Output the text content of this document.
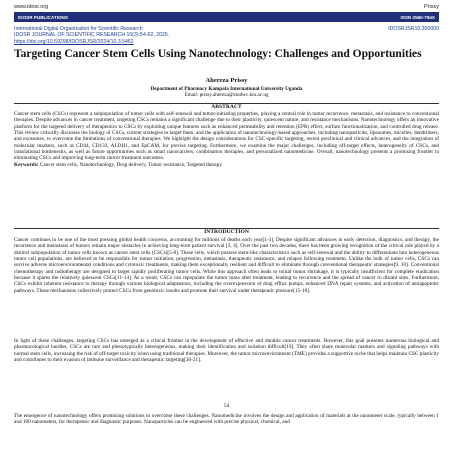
www.idosr.org	Prissy
IDOSR PUBLICATIONS	ISSN 2550-794X
International Digital Organization for Scientific Research
IDOSR JOURNAL OF SCIENTIFIC RESEARCH 10(3):54-62, 2025.
https://doi.org/10.59298/IDOSRJSR/2024/10.3.5462
IDOSRJSR10.300000
Targeting Cancer Stem Cells Using Nanotechnology: Challenges and Opportunities
Ahereza Prissy
Department of Pharmacy Kampala International University Uganda
Email: prissy.ahereza@studwc.kiu.ac.ug
ABSTRACT
Cancer stem cells (CSCs) represent a subpopulation of tumor cells with self-renewal and tumor-initiating properties, playing a central role in tumor recurrence, metastasis, and resistance to conventional therapies. Despite advances in cancer treatment, targeting CSCs remains a significant challenge due to their plasticity, quiescent nature, and resistance mechanisms. Nanotechnology offers an innovative platform for the targeted delivery of therapeutics to CSCs by exploiting unique features such as enhanced permeability and retention (EPR) effect, surface functionalization, and controlled drug release. This review critically discusses the biology of CSCs, current strategies to target them, and the application of nanotechnology-based approaches, including nanoparticles, liposomes, micelles, dendrimers, and exosomes, to overcome the limitations of conventional therapies. We highlight the design considerations for CSC-specific targeting, recent preclinical and clinical advances, and the integration of molecular markers, such as CD44, CD133, ALDH1, and EpCAM, for precise targeting. Furthermore, we examine the major challenges, including off-target effects, heterogeneity of CSCs, and translational bottlenecks, as well as future opportunities such as smart nanocarriers, combination therapies, and personalized nanomedicine. Overall, nanotechnology presents a promising frontier in eliminating CSCs and improving long-term cancer treatment outcomes.
Keywords: Cancer stem cells, Nanotechnology, Drug delivery, Tumor resistance, Targeted therapy
INTRODUCTION
Cancer continues to be one of the most pressing global health concerns, accounting for millions of deaths each year[1-3]. Despite significant advances in early detection, diagnostics, and therapy, the recurrence and metastasis of tumors remain major obstacles in achieving long-term patient survival [3, 4]. Over the past two decades, there has been growing recognition of the critical role played by a distinct subpopulation of tumor cells known as cancer stem cells (CSCs)[5-8]. These cells, which possess stem-like characteristics such as self-renewal and the ability to differentiate into heterogeneous tumor cell populations, are believed to be responsible for tumor initiation, progression, metastasis, therapeutic resistance, and relapse following treatment. Unlike the bulk of tumor cells, CSCs can survive adverse microenvironmental conditions and cytotoxic treatments, making them exceptionally resilient and difficult to eliminate through conventional therapeutic strategies[9, 10]. Conventional chemotherapy and radiotherapy are designed to target rapidly proliferating tumor cells. While this approach often leads to initial tumor shrinkage, it is typically insufficient for complete eradication because it spares the relatively quiescent CSCs[11-14]. As a result, CSCs can repopulate the tumor mass after treatment, leading to recurrence and the spread of cancer to distant sites. Furthermore, CSCs exhibit inherent resistance to therapy through various biological adaptations, including the overexpression of drug efflux pumps, enhanced DNA repair systems, and activation of antiapoptotic pathways. These mechanisms collectively protect CSCs from genotoxic insults and promote their survival under therapeutic pressure[15-18].
In light of these challenges, targeting CSCs has emerged as a critical frontier in the development of effective and durable cancer treatments. However, this goal presents numerous biological and pharmacological hurdles. CSCs are rare and phenotypically heterogeneous, making their identification and isolation difficult[19]. They often share molecular markers and signaling pathways with normal stem cells, increasing the risk of off-target toxicity when using traditional therapies. Moreover, the tumor microenvironment (TME) provides a supportive niche that helps maintain CSC plasticity and contributes to their evasion of immune surveillance and therapeutic targeting[20-21].
54
The emergence of nanotechnology offers promising solutions to overcome these challenges. Nanomedicine involves the design and application of materials at the nanometer scale, typically between 1 and 100 nanometers, for therapeutic and diagnostic purposes. Nanoparticles can be engineered with precise physical, chemical, and
